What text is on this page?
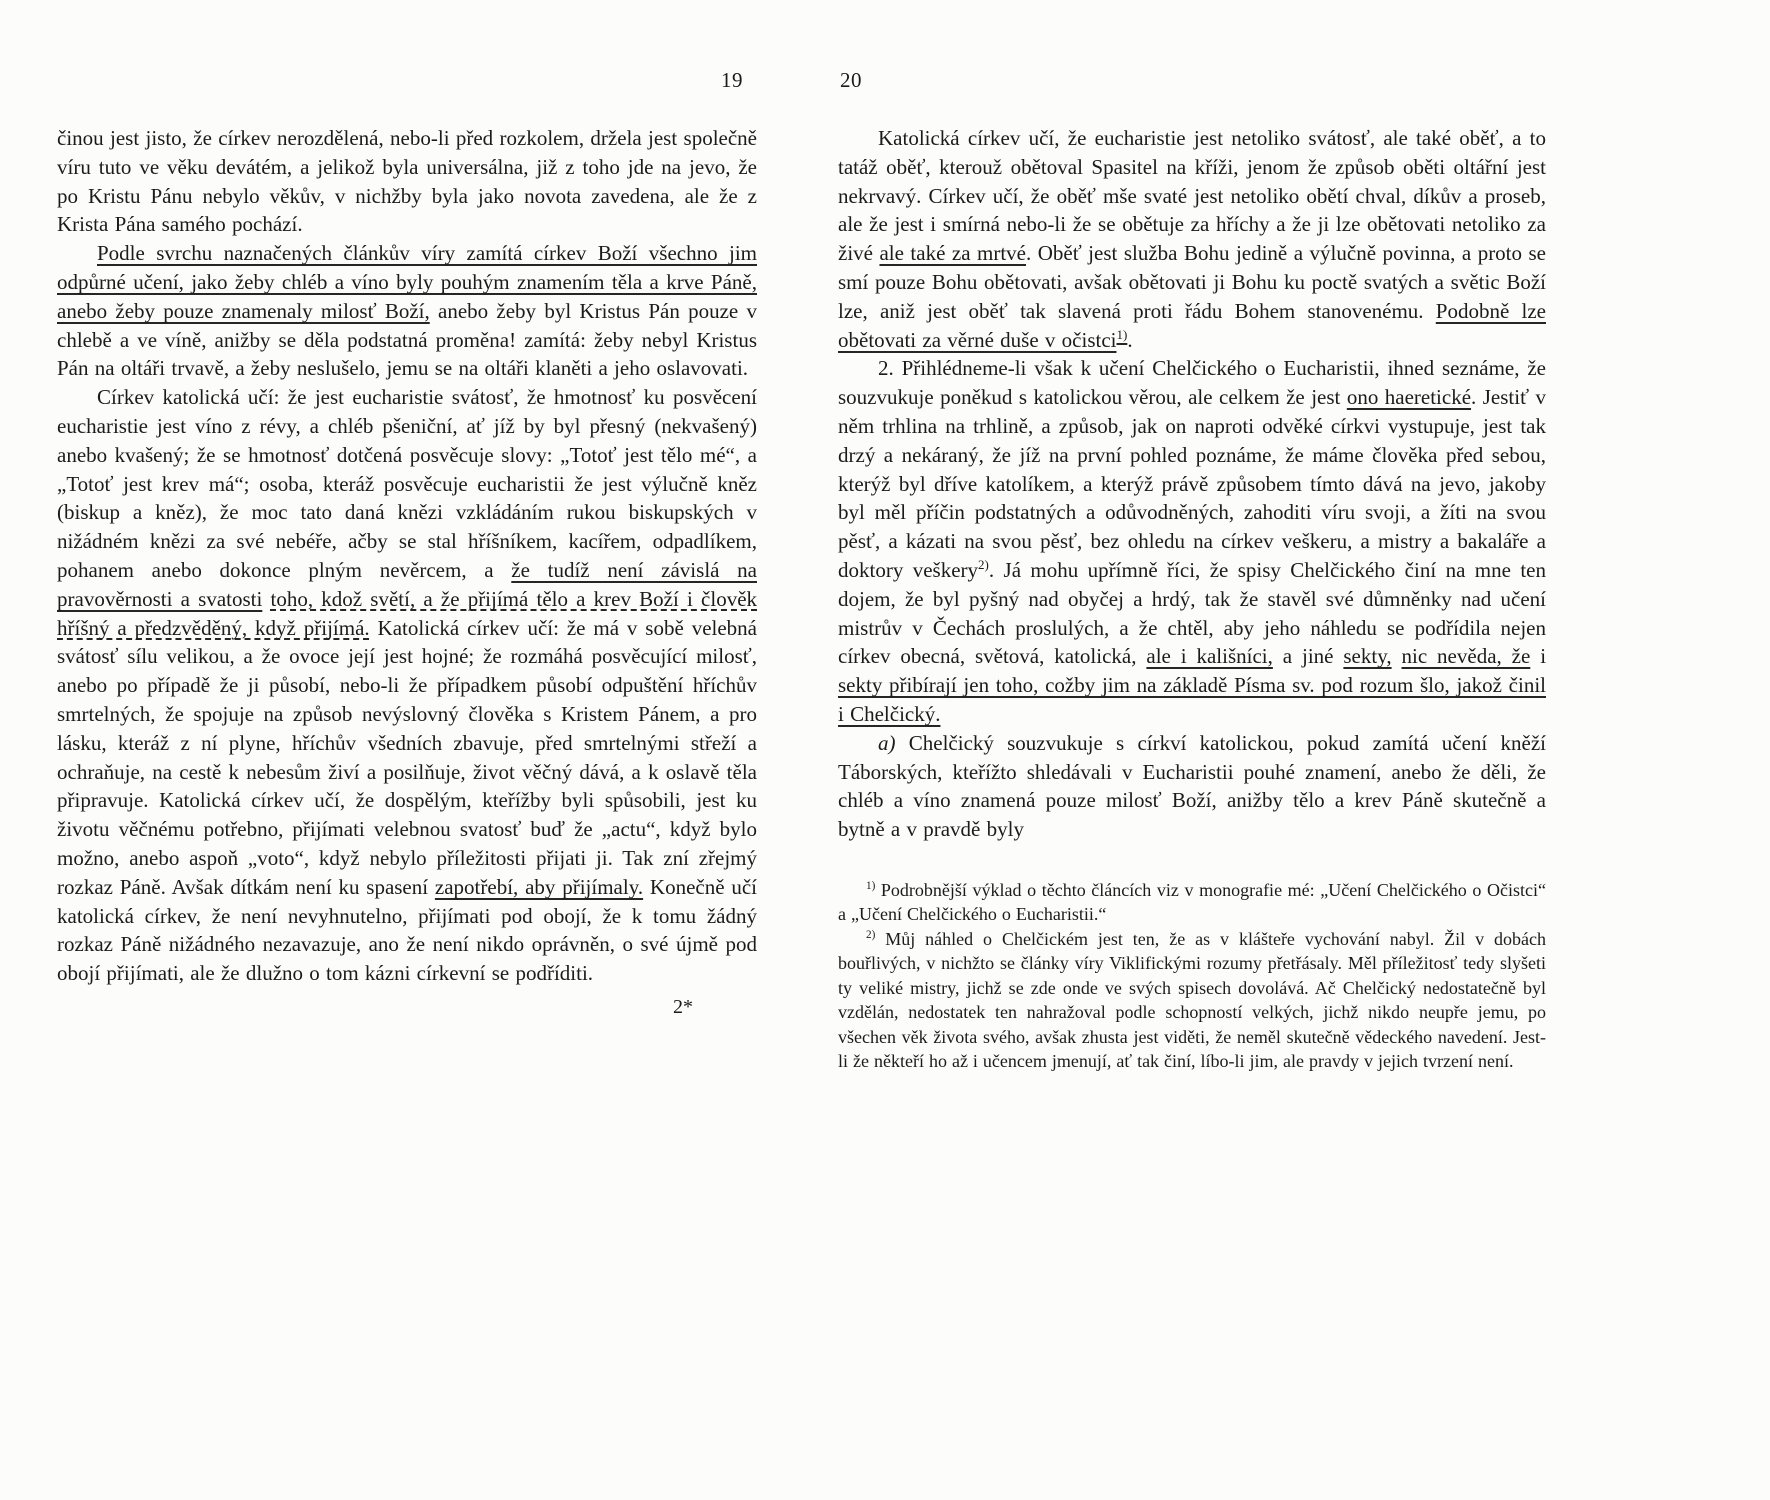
19

činou jest jisto, že církev nerozdělená, nebo-li před rozkolem, držela jest společně víru tuto ve věku devátém, a jelikož byla universálna, již z toho jde na jevo, že po Kristu Pánu nebylo věkův, v nichžby byla jako novota zavedena, ale že z Krista Pána samého pochází.

Podle svrchu naznačených článkův víry zamítá církev Boží všechno jim odpůrné učení, jako žeby chléb a víno byly pouhým znamením těla a krve Páně, anebo žeby pouze znamenaly milosť Boží, anebo žeby byl Kristus Pán pouze v chlebě a ve víně, anižby se děla podstatná proměna! zamítá: žeby nebyl Kristus Pán na oltáři trvavě, a žeby neslušelo, jemu se na oltáři klaněti a jeho oslavovati.

Církev katolická učí: že jest eucharistie svátosť, že hmotnosť ku posvěcení eucharistie jest víno z révy, a chléb pšeniční, ať jíž by byl přesný (nekvašený) anebo kvašený; že se hmotnosť dotčená posvěcuje slovy: „Totoť jest tělo mé“, a „Totoť jest krev má“; osoba, kteráž posvěcuje eucharistii že jest výlučně kněz (biskup a kněz), že moc tato daná knězi vzkládáním rukou biskupských v nižádném knězi za své nebéře, ačby se stal hříšníkem, kacířem, odpadlíkem, pohanem anebo dokonce plným nevěrcem, a že tudíž není závislá na pravověrnosti a svatosti toho, kdož světí, a že přijímá tělo a krev Boží i člověk hříšný a předzvěděný, když přijímá. Katolická církev učí: že má v sobě velebná svátosť sílu velikou, a že ovoce její jest hojné; že rozmáhá posvěcující milosť, anebo po případě že ji působí, nebo-li že případkem působí odpuštění hříchův smrtelných, že spojuje na způsob nevýslovný člověka s Kristem Pánem, a pro lásku, kteráž z ní plyne, hříchův všedních zbavuje, před smrtelnými střeží a ochraňuje, na cestě k nebesům živí a posilňuje, život věčný dává, a k oslavě těla připravuje. Katolická církev učí, že dospělým, kteřížby byli spůsobili, jest ku životu věčnému potřebno, přijímati velebnou svatosť buď že „actu“, když bylo možno, anebo aspoň „voto“, když nebylo příležitosti přijati ji. Tak zní zřejmý rozkaz Páně. Avšak dítkám není ku spasení zapotřebí, aby přijímaly. Konečně učí katolická církev, že není nevyhnutelno, přijímati pod obojí, že k tomu žádný rozkaz Páně nižádného nezavazuje, ano že není nikdo oprávněn, o své újmě pod obojí přijímati, ale že dlužno o tom kázni církevní se podříditi.

2*
20

Katolická církev učí, že eucharistie jest netoliko svátosť, ale také oběť, a to tatáž oběť, kterouž obětoval Spasitel na kříži, jenom že způsob oběti oltářní jest nekrvavý. Církev učí, že oběť mše svaté jest netoliko obětí chval, díkův a proseb, ale že jest i smírná nebo-li že se obětuje za hříchy a že ji lze obětovati netoliko za živé ale také za mrtvé. Oběť jest služba Bohu jedině a výlučně povinna, a proto se smí pouze Bohu obětovati, avšak obětovati ji Bohu ku poctě svatých a světic Boží lze, aniž jest oběť tak slavená proti řádu Bohem stanovenému. Podobně lze obětovati za věrné duše v očistci$^{1)}$.

2. Přihlédneme-li však k učení Chelčického o Eucharistii, ihned seznáme, že souzvukuje poněkud s katolickou věrou, ale celkem že jest ono haeretické. Jestiť v něm trhlina na trhlině, a způsob, jak on naproti odvěké církvi vystupuje, jest tak drzý a nekáraný, že jíž na první pohled poznáme, že máme člověka před sebou, kterýž byl dříve katolíkem, a kterýž právě způsobem tímto dává na jevo, jakoby byl měl příčin podstatných a odůvodněných, zahoditi víru svoji, a žíti na svou pěsť, a kázati na svou pěsť, bez ohledu na církev veškeru, a mistry a bakaláře a doktory veškery$^{2)}$. Já mohu upřímně říci, že spisy Chelčického činí na mne ten dojem, že byl pyšný nad obyčej a hrdý, tak že stavěl své důmněnky nad učení mistrův v Čechách proslulých, a že chtěl, aby jeho náhledu se podřídila nejen církev obecná, světová, katolická, ale i kališníci, a jiné sekty, nic nevěda, že i sekty přibírají jen toho, cožby jim na základě Písma sv. pod rozum šlo, jakož činil i Chelčický.

a) Chelčický souzvukuje s církví katolickou, pokud zamítá učení kněží Táborských, kteřížto shledávali v Eucharistii pouhé znamení, anebo že děli, že chléb a víno znamená pouze milosť Boží, anižby tělo a krev Páně skutečně a bytně a v pravdě byly

$^{1)}$ Podrobnější výklad o těchto článcích viz v monografie mé: „Učení Chelčického o Očistci“ a „Učení Chelčického o Eucharistii.“

$^{2)}$ Můj náhled o Chelčickém jest ten, že as v klášteře vychování nabyl. Žil v dobách bouřlivých, v nichžto se články víry Viklifickými rozumy přetřásaly. Měl příležitosť tedy slyšeti ty veliké mistry, jichž se zde onde ve svých spisech dovolává. Ač Chelčický nedostatečně byl vzdělán, nedostatek ten nahražoval podle schopností velkých, jichž nikdo neupře jemu, po všechen věk života svého, avšak zhusta jest viděti, že neměl skutečně vědeckého navedení. Jest-li že někteří ho až i učencem jmenují, ať tak činí, líbo-li jim, ale pravdy v jejich tvrzení není.
